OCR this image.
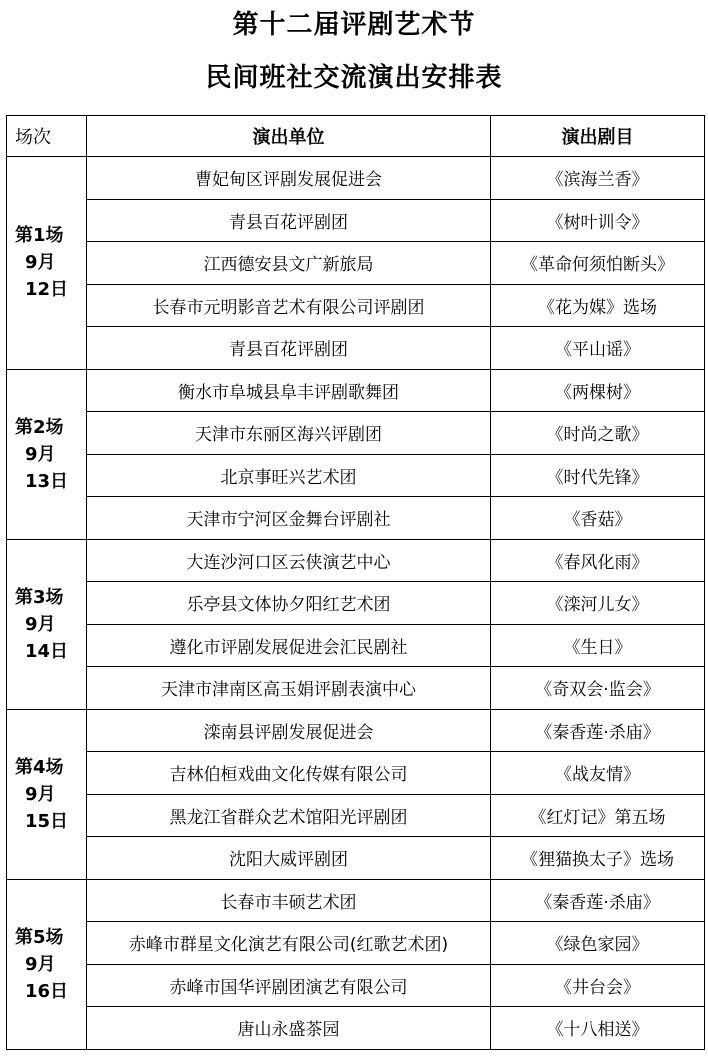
第十二届评剧艺术节
民间班社交流演出安排表
场次	演出单位	演出剧目

第1场
9月
12日	曹妃甸区评剧发展促进会	《滨海兰香》
	青县百花评剧团	《树叶训令》
	江西德安县文广新旅局	《革命何须怕断头》
	长春市元明影音艺术有限公司评剧团	《花为媒》选场
	青县百花评剧团	《平山谣》

第2场
9月
13日	衡水市阜城县阜丰评剧歌舞团	《两棵树》
	天津市东丽区海兴评剧团	《时尚之歌》
	北京事旺兴艺术团	《时代先锋》
	天津市宁河区金舞台评剧社	《香菇》

第3场
9月
14日	大连沙河口区云侠演艺中心	《春风化雨》
	乐亭县文体协夕阳红艺术团	《滦河儿女》
	遵化市评剧发展促进会汇民剧社	《生日》
	天津市津南区高玉娟评剧表演中心	《奇双会·监会》

第4场
9月
15日	滦南县评剧发展促进会	《秦香莲·杀庙》
	吉林伯桓戏曲文化传媒有限公司	《战友情》
	黑龙江省群众艺术馆阳光评剧团	《红灯记》第五场
	沈阳大威评剧团	《狸猫换太子》选场

第5场
9月
16日	长春市丰硕艺术团	《秦香莲·杀庙》
	赤峰市群星文化演艺有限公司(红歌艺术团)	《绿色家园》
	赤峰市国华评剧团演艺有限公司	《井台会》
	唐山永盛茶园	《十八相送》
